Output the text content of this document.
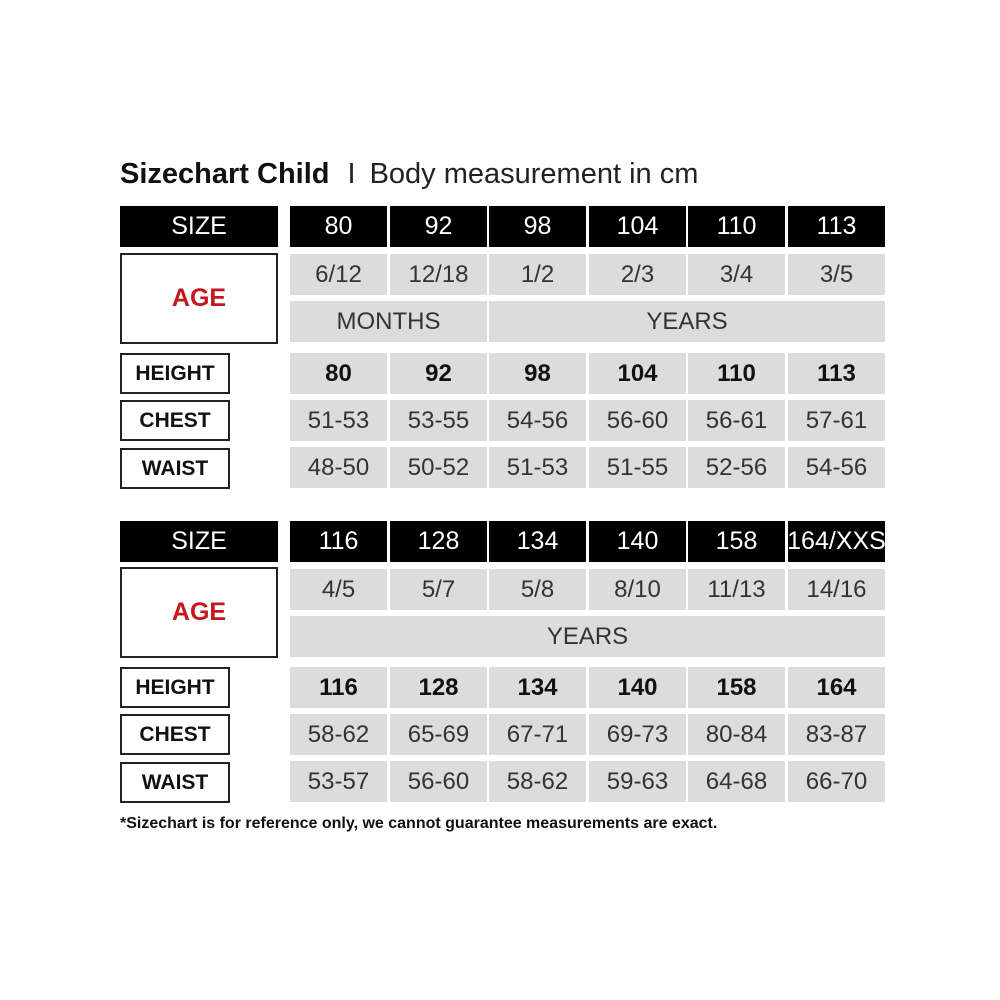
Sizechart Child I Body measurement in cm
SIZE	80	92	98	104	110	113
AGE
6/12	12/18	1/2	2/3	3/4	3/5
MONTHS	YEARS
HEIGHT	80	92	98	104	110	113
CHEST	51-53	53-55	54-56	56-60	56-61	57-61
WAIST	48-50	50-52	51-53	51-55	52-56	54-56
SIZE	116	128	134	140	158	164/XXS
AGE
4/5	5/7	5/8	8/10	11/13	14/16
YEARS
HEIGHT	116	128	134	140	158	164
CHEST	58-62	65-69	67-71	69-73	80-84	83-87
WAIST	53-57	56-60	58-62	59-63	64-68	66-70
*Sizechart is for reference only, we cannot guarantee measurements are exact.
